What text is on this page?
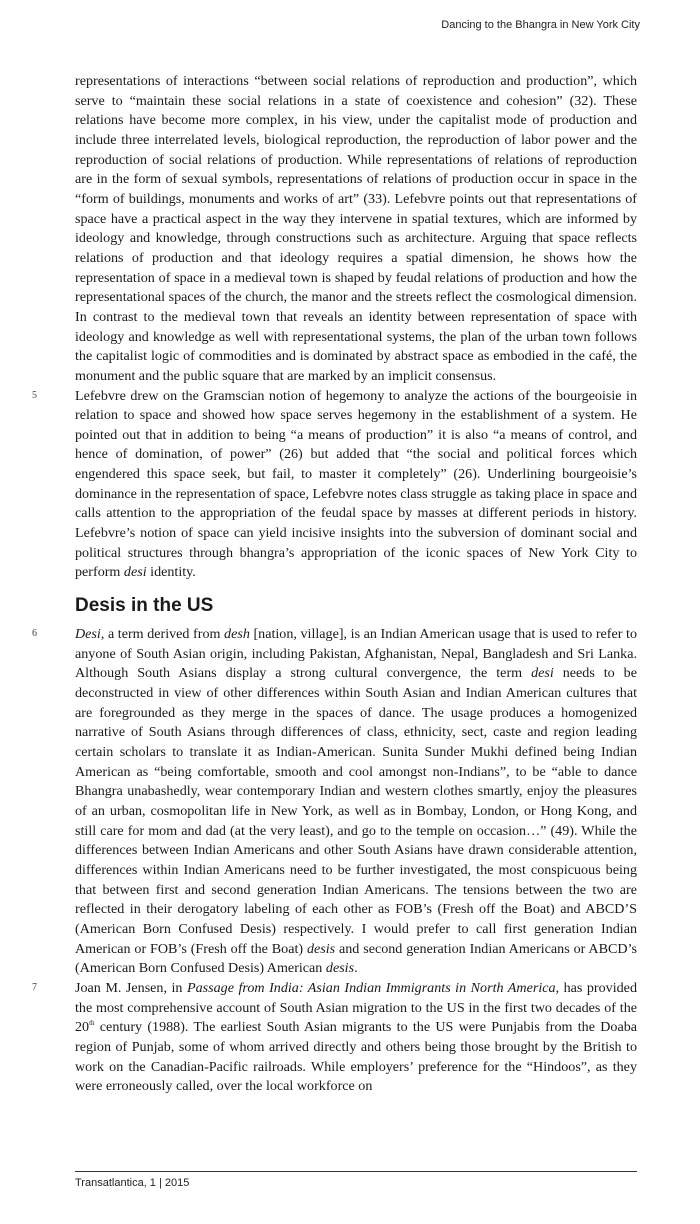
Dancing to the Bhangra in New York City

representations of interactions “between social relations of reproduction and production”, which serve to “maintain these social relations in a state of coexistence and cohesion” (32). These relations have become more complex, in his view, under the capitalist mode of production and include three interrelated levels, biological reproduction, the reproduction of labor power and the reproduction of social relations of production. While representations of relations of reproduction are in the form of sexual symbols, representations of relations of production occur in space in the “form of buildings, monuments and works of art” (33). Lefebvre points out that representations of space have a practical aspect in the way they intervene in spatial textures, which are informed by ideology and knowledge, through constructions such as architecture. Arguing that space reflects relations of production and that ideology requires a spatial dimension, he shows how the representation of space in a medieval town is shaped by feudal relations of production and how the representational spaces of the church, the manor and the streets reflect the cosmological dimension. In contrast to the medieval town that reveals an identity between representation of space with ideology and knowledge as well with representational systems, the plan of the urban town follows the capitalist logic of commodities and is dominated by abstract space as embodied in the café, the monument and the public square that are marked by an implicit consensus.

5	Lefebvre drew on the Gramscian notion of hegemony to analyze the actions of the bourgeoisie in relation to space and showed how space serves hegemony in the establishment of a system. He pointed out that in addition to being “a means of production” it is also “a means of control, and hence of domination, of power” (26) but added that “the social and political forces which engendered this space seek, but fail, to master it completely” (26). Underlining bourgeoisie’s dominance in the representation of space, Lefebvre notes class struggle as taking place in space and calls attention to the appropriation of the feudal space by masses at different periods in history. Lefebvre’s notion of space can yield incisive insights into the subversion of dominant social and political structures through bhangra’s appropriation of the iconic spaces of New York City to perform desi identity.

Desis in the US

6	Desi, a term derived from desh [nation, village], is an Indian American usage that is used to refer to anyone of South Asian origin, including Pakistan, Afghanistan, Nepal, Bangladesh and Sri Lanka. Although South Asians display a strong cultural convergence, the term desi needs to be deconstructed in view of other differences within South Asian and Indian American cultures that are foregrounded as they merge in the spaces of dance. The usage produces a homogenized narrative of South Asians through differences of class, ethnicity, sect, caste and region leading certain scholars to translate it as Indian-American. Sunita Sunder Mukhi defined being Indian American as “being comfortable, smooth and cool amongst non-Indians”, to be “able to dance Bhangra unabashedly, wear contemporary Indian and western clothes smartly, enjoy the pleasures of an urban, cosmopolitan life in New York, as well as in Bombay, London, or Hong Kong, and still care for mom and dad (at the very least), and go to the temple on occasion…” (49). While the differences between Indian Americans and other South Asians have drawn considerable attention, differences within Indian Americans need to be further investigated, the most conspicuous being that between first and second generation Indian Americans. The tensions between the two are reflected in their derogatory labeling of each other as FOB’s (Fresh off the Boat) and ABCD’S (American Born Confused Desis) respectively. I would prefer to call first generation Indian American or FOB’s (Fresh off the Boat) desis and second generation Indian Americans or ABCD’s (American Born Confused Desis) American desis.

7	Joan M. Jensen, in Passage from India: Asian Indian Immigrants in North America, has provided the most comprehensive account of South Asian migration to the US in the first two decades of the 20th century (1988). The earliest South Asian migrants to the US were Punjabis from the Doaba region of Punjab, some of whom arrived directly and others being those brought by the British to work on the Canadian-Pacific railroads. While employers’ preference for the “Hindoos”, as they were erroneously called, over the local workforce on

Transatlantica, 1 | 2015
